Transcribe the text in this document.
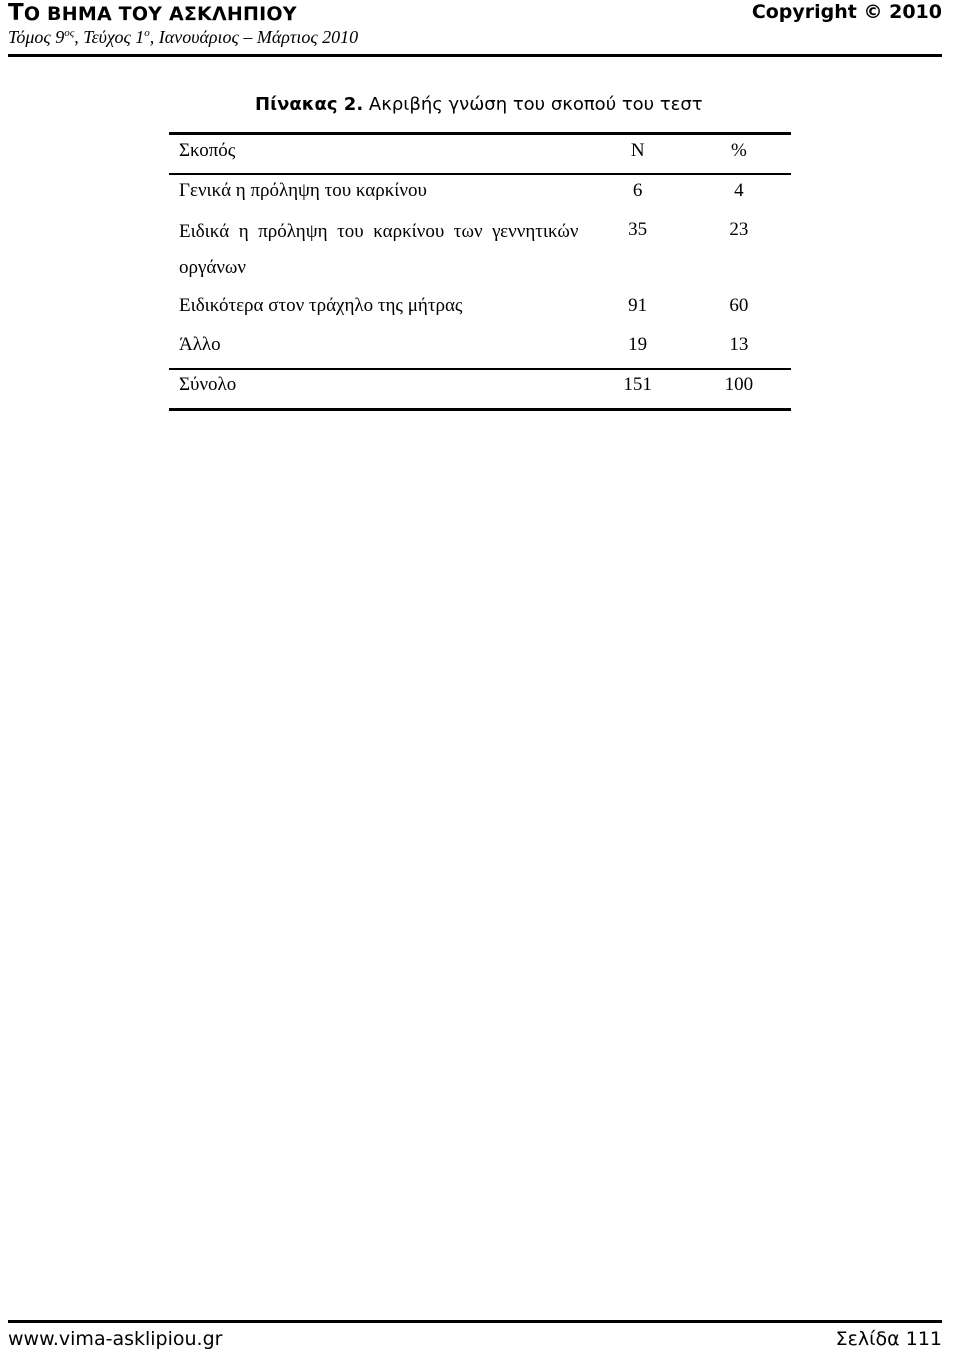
ΤΟ ΒΗΜΑ ΤΟΥ ΑΣΚΛΗΠΙΟΥ	Copyright © 2010
Τόμος $9^{o\varsigma}$, Τεύχος $1^o$, Ιανουάριος – Μάρτιος 2010
Πίνακας 2. Ακριβής γνώση του σκοπού του τεστ
Σκοπός	Ν	%
Γενικά η πρόληψη του καρκίνου	6	4
Ειδικά η πρόληψη του καρκίνου των γεννητικών οργάνων	35	23
Ειδικότερα στον τράχηλο της μήτρας	91	60
Άλλο	19	13
Σύνολο	151	100
www.vima-asklipiou.gr	Σελίδα 111
